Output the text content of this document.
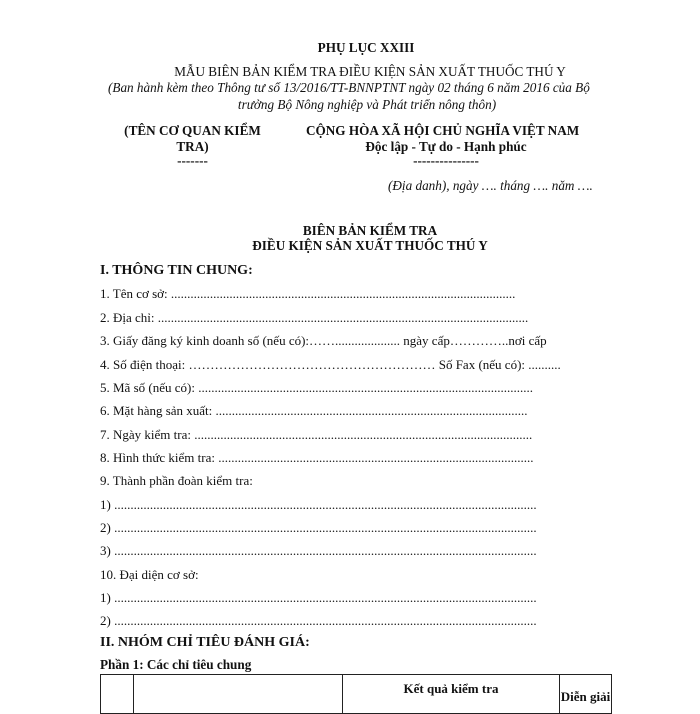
PHỤ LỤC XXIII
MẪU BIÊN BẢN KIỂM TRA ĐIỀU KIỆN SẢN XUẤT THUỐC THÚ Y
(Ban hành kèm theo Thông tư số 13/2016/TT-BNNPTNT ngày 02 tháng 6 năm 2016 của Bộ
trưởng Bộ Nông nghiệp và Phát triển nông thôn)
(TÊN CƠ QUAN KIỂM
TRA)
-------
CỘNG HÒA XÃ HỘI CHỦ NGHĨA VIỆT NAM
Độc lập - Tự do - Hạnh phúc
---------------
(Địa danh), ngày …. tháng …. năm ….
BIÊN BẢN KIỂM TRA
ĐIỀU KIỆN SẢN XUẤT THUỐC THÚ Y
I. THÔNG TIN CHUNG:
1. Tên cơ sở: ..........................................................................................................
2. Địa chỉ: ..................................................................................................................
3. Giấy đăng ký kinh doanh số (nếu có):…….................... ngày cấp…………..nơi cấp
4. Số điện thoại: ………………………………………………… Số Fax (nếu có): ..........
5. Mã số (nếu có): .......................................................................................................
6. Mặt hàng sản xuất: ................................................................................................
7. Ngày kiểm tra: ........................................................................................................
8. Hình thức kiểm tra: .................................................................................................
9. Thành phần đoàn kiểm tra:
1) ..................................................................................................................................
2) ..................................................................................................................................
3) ..................................................................................................................................
10. Đại diện cơ sở:
1) ..................................................................................................................................
2) ..................................................................................................................................
II. NHÓM CHỈ TIÊU ĐÁNH GIÁ:
Phần 1: Các chỉ tiêu chung
		Kết quả kiểm tra	Diễn giải
